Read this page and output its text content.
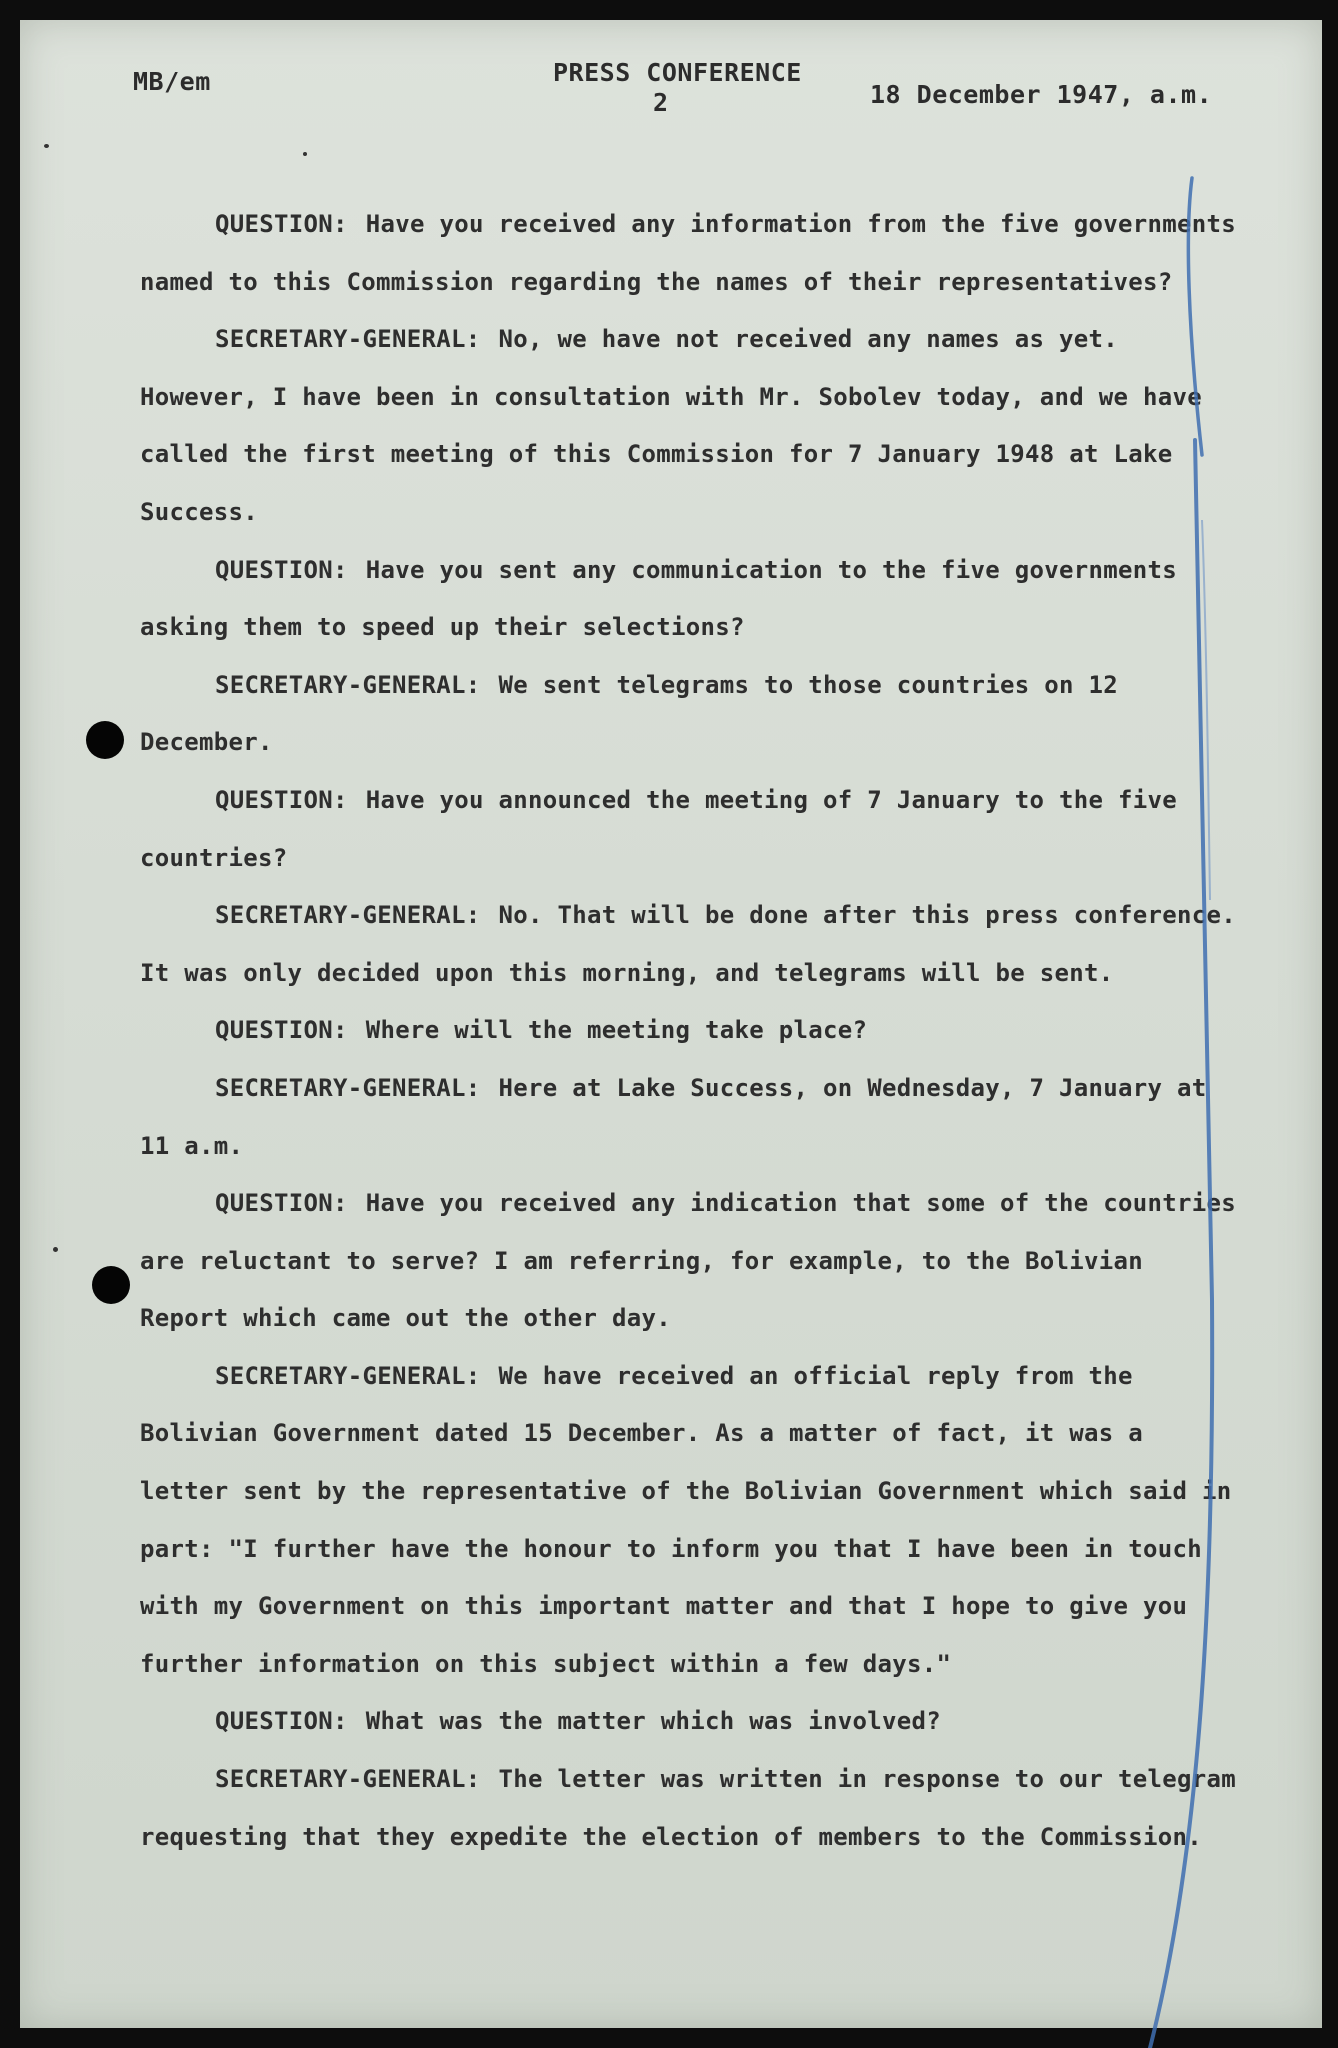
MB/em	PRESS CONFERENCE
2	18 December 1947, a.m.

QUESTION: Have you received any information from the five governments named to this Commission regarding the names of their representatives?

SECRETARY-GENERAL: No, we have not received any names as yet. However, I have been in consultation with Mr. Sobolev today, and we have called the first meeting of this Commission for 7 January 1948 at Lake Success.

QUESTION: Have you sent any communication to the five governments asking them to speed up their selections?

SECRETARY-GENERAL: We sent telegrams to those countries on 12 December.

QUESTION: Have you announced the meeting of 7 January to the five countries?

SECRETARY-GENERAL: No. That will be done after this press conference. It was only decided upon this morning, and telegrams will be sent.

QUESTION: Where will the meeting take place?

SECRETARY-GENERAL: Here at Lake Success, on Wednesday, 7 January at 11 a.m.

QUESTION: Have you received any indication that some of the countries are reluctant to serve? I am referring, for example, to the Bolivian Report which came out the other day.

SECRETARY-GENERAL: We have received an official reply from the Bolivian Government dated 15 December. As a matter of fact, it was a letter sent by the representative of the Bolivian Government which said in part: "I further have the honour to inform you that I have been in touch with my Government on this important matter and that I hope to give you further information on this subject within a few days."

QUESTION: What was the matter which was involved?

SECRETARY-GENERAL: The letter was written in response to our telegram requesting that they expedite the election of members to the Commission.
